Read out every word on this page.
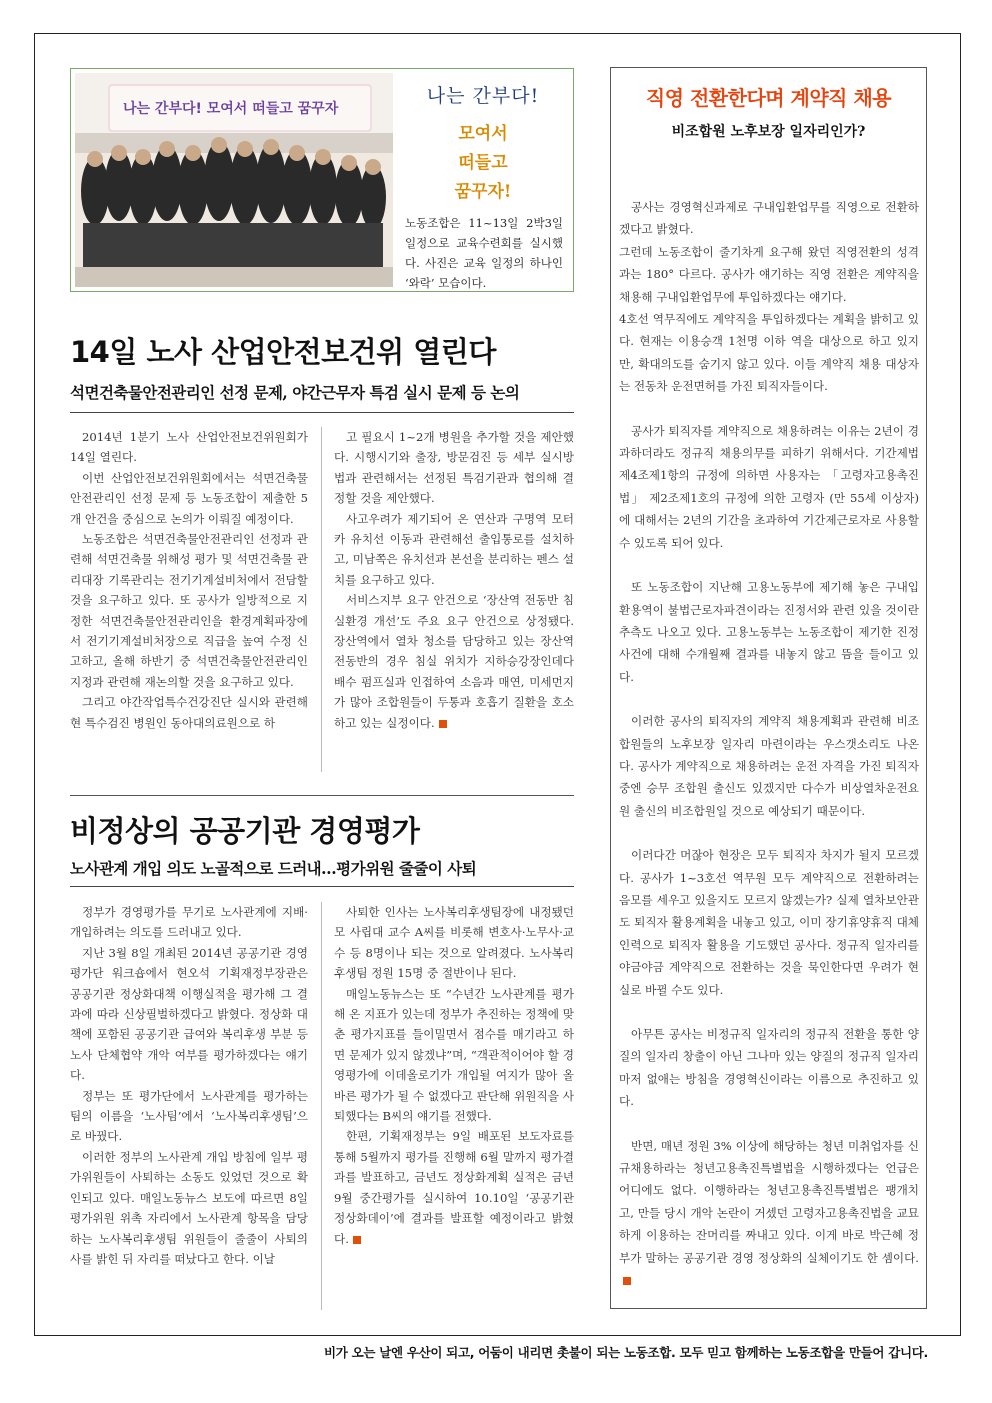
나는 간부다! 모여서 떠들고 꿈꾸자
나는 간부다!
모여서
떠들고
꿈꾸자!
노동조합은 11~13일 2박3일 일정으로 교육수련회를 실시했다. 사진은 교육 일정의 하나인 ‘와락’ 모습이다.
14일 노사 산업안전보건위 열린다
석면건축물안전관리인 선정 문제, 야간근무자 특검 실시 문제 등 논의

2014년 1분기 노사 산업안전보건위원회가 14일 열린다.

이번 산업안전보건위원회에서는 석면건축물안전관리인 선정 문제 등 노동조합이 제출한 5개 안건을 중심으로 논의가 이뤄질 예정이다.

노동조합은 석면건축물안전관리인 선정과 관련해 석면건축물 위해성 평가 및 석면건축물 관리대장 기록관리는 전기기계설비처에서 전담할 것을 요구하고 있다. 또 공사가 일방적으로 지정한 석면건축물안전관리인을 환경계획파장에서 전기기계설비처장으로 직급을 높여 수정 신고하고, 올해 하반기 중 석면건축물안전관리인 지정과 관련해 재논의할 것을 요구하고 있다.

그리고 야간작업특수건강진단 실시와 관련해 현 특수검진 병원인 동아대의료원으로 하

고 필요시 1~2개 병원을 추가할 것을 제안했다. 시행시기와 출장, 방문검진 등 세부 실시방법과 관련해서는 선정된 특검기관과 협의해 결정할 것을 제안했다.

사고우려가 제기되어 온 연산과 구명역 모터카 유치선 이동과 관련해선 출입통로를 설치하고, 미남쪽은 유치선과 본선을 분리하는 펜스 설치를 요구하고 있다.

서비스지부 요구 안건으로 ‘장산역 전동반 침실환경 개선’도 주요 요구 안건으로 상정됐다. 장산역에서 열차 청소를 담당하고 있는 장산역 전동반의 경우 침실 위치가 지하승강장인데다 배수 펌프실과 인접하여 소음과 매연, 미세먼지가 많아 조합원들이 두통과 호흡기 질환을 호소하고 있는 실정이다.

비정상의 공공기관 경영평가
노사관계 개입 의도 노골적으로 드러내…평가위원 줄줄이 사퇴

정부가 경영평가를 무기로 노사관계에 지배·개입하려는 의도를 드러내고 있다.

지난 3월 8일 개최된 2014년 공공기관 경영평가단 워크숍에서 현오석 기획재정부장관은 공공기관 정상화대책 이행실적을 평가해 그 결과에 따라 신상필벌하겠다고 밝혔다. 정상화 대책에 포함된 공공기관 급여와 복리후생 부분 등 노사 단체협약 개악 여부를 평가하겠다는 얘기다.

정부는 또 평가단에서 노사관계를 평가하는 팀의 이름을 ‘노사팀’에서 ‘노사복리후생팀’으로 바꿨다.

이러한 정부의 노사관계 개입 방침에 일부 평가위원들이 사퇴하는 소동도 있었던 것으로 확인되고 있다. 매일노동뉴스 보도에 따르면 8일 평가위원 위촉 자리에서 노사관계 항목을 담당하는 노사복리후생팀 위원들이 줄줄이 사퇴의사를 밝힌 뒤 자리를 떠났다고 한다. 이날

사퇴한 인사는 노사복리후생팀장에 내정됐던 모 사립대 교수 A씨를 비롯해 변호사·노무사·교수 등 8명이나 되는 것으로 알려졌다. 노사복리후생팀 정원 15명 중 절반이나 된다.

매일노동뉴스는 또 “수년간 노사관계를 평가해 온 지표가 있는데 정부가 추진하는 정책에 맞춘 평가지표를 들이밀면서 점수를 매기라고 하면 문제가 있지 않겠냐”며, “객관적이어야 할 경영평가에 이데올로기가 개입될 여지가 많아 올바른 평가가 될 수 없겠다고 판단해 위원직을 사퇴했다는 B씨의 얘기를 전했다.

한편, 기획재정부는 9일 배포된 보도자료를 통해 5월까지 평가를 진행해 6월 말까지 평가결과를 발표하고, 금년도 정상화계획 실적은 금년 9월 중간평가를 실시하여 10.10일 ‘공공기관 정상화데이’에 결과를 발표할 예정이라고 밝혔다.

직영 전환한다며 계약직 채용
비조합원 노후보장 일자리인가?

공사는 경영혁신과제로 구내입환업무를 직영으로 전환하겠다고 밝혔다.
그런데 노동조합이 줄기차게 요구해 왔던 직영전환의 성격과는 180° 다르다. 공사가 얘기하는 직영 전환은 계약직을 채용해 구내입환업무에 투입하겠다는 얘기다.
4호선 역무직에도 계약직을 투입하겠다는 계획을 밝히고 있다. 현재는 이용승객 1천명 이하 역을 대상으로 하고 있지만, 확대의도를 숨기지 않고 있다. 이들 계약직 채용 대상자는 전동차 운전면허를 가진 퇴직자들이다.

공사가 퇴직자를 계약직으로 채용하려는 이유는 2년이 경과하더라도 정규직 채용의무를 피하기 위해서다. 기간제법 제4조제1항의 규정에 의하면 사용자는 「고령자고용촉진법」 제2조제1호의 규정에 의한 고령자 (만 55세 이상자) 에 대해서는 2년의 기간을 초과하여 기간제근로자로 사용할 수 있도록 되어 있다.

또 노동조합이 지난해 고용노동부에 제기해 놓은 구내입환용역이 불법근로자파견이라는 진정서와 관련 있을 것이란 추측도 나오고 있다. 고용노동부는 노동조합이 제기한 진정사건에 대해 수개월째 결과를 내놓지 않고 뜸을 들이고 있다.

이러한 공사의 퇴직자의 계약직 채용계획과 관련해 비조합원들의 노후보장 일자리 마련이라는 우스갯소리도 나온다. 공사가 계약직으로 채용하려는 운전 자격을 가진 퇴직자 중엔 승무 조합원 출신도 있겠지만 다수가 비상열차운전요원 출신의 비조합원일 것으로 예상되기 때문이다.

이러다간 머잖아 현장은 모두 퇴직자 차지가 될지 모르겠다. 공사가 1~3호선 역무원 모두 계약직으로 전환하려는 음모를 세우고 있을지도 모르지 않겠는가? 실제 열차보안관도 퇴직자 활용계획을 내놓고 있고, 이미 장기휴양휴직 대체인력으로 퇴직자 활용을 기도했던 공사다. 정규직 일자리를 야금야금 계약직으로 전환하는 것을 묵인한다면 우려가 현실로 바뀔 수도 있다.

아무튼 공사는 비정규직 일자리의 정규직 전환을 통한 양질의 일자리 창출이 아닌 그나마 있는 양질의 정규직 일자리마저 없애는 방침을 경영혁신이라는 이름으로 추진하고 있다.

반면, 매년 정원 3% 이상에 해당하는 청년 미취업자를 신규채용하라는 청년고용촉진특별법을 시행하겠다는 언급은 어디에도 없다. 이행하라는 청년고용촉진특별법은 팽개치고, 만들 당시 개악 논란이 거셌던 고령자고용촉진법을 교묘하게 이용하는 잔머리를 짜내고 있다. 이게 바로 박근혜 정부가 말하는 공공기관 경영 정상화의 실체이기도 한 셈이다.

비가 오는 날엔 우산이 되고, 어둠이 내리면 촛불이 되는 노동조합. 모두 믿고 함께하는 노동조합을 만들어 갑니다.
